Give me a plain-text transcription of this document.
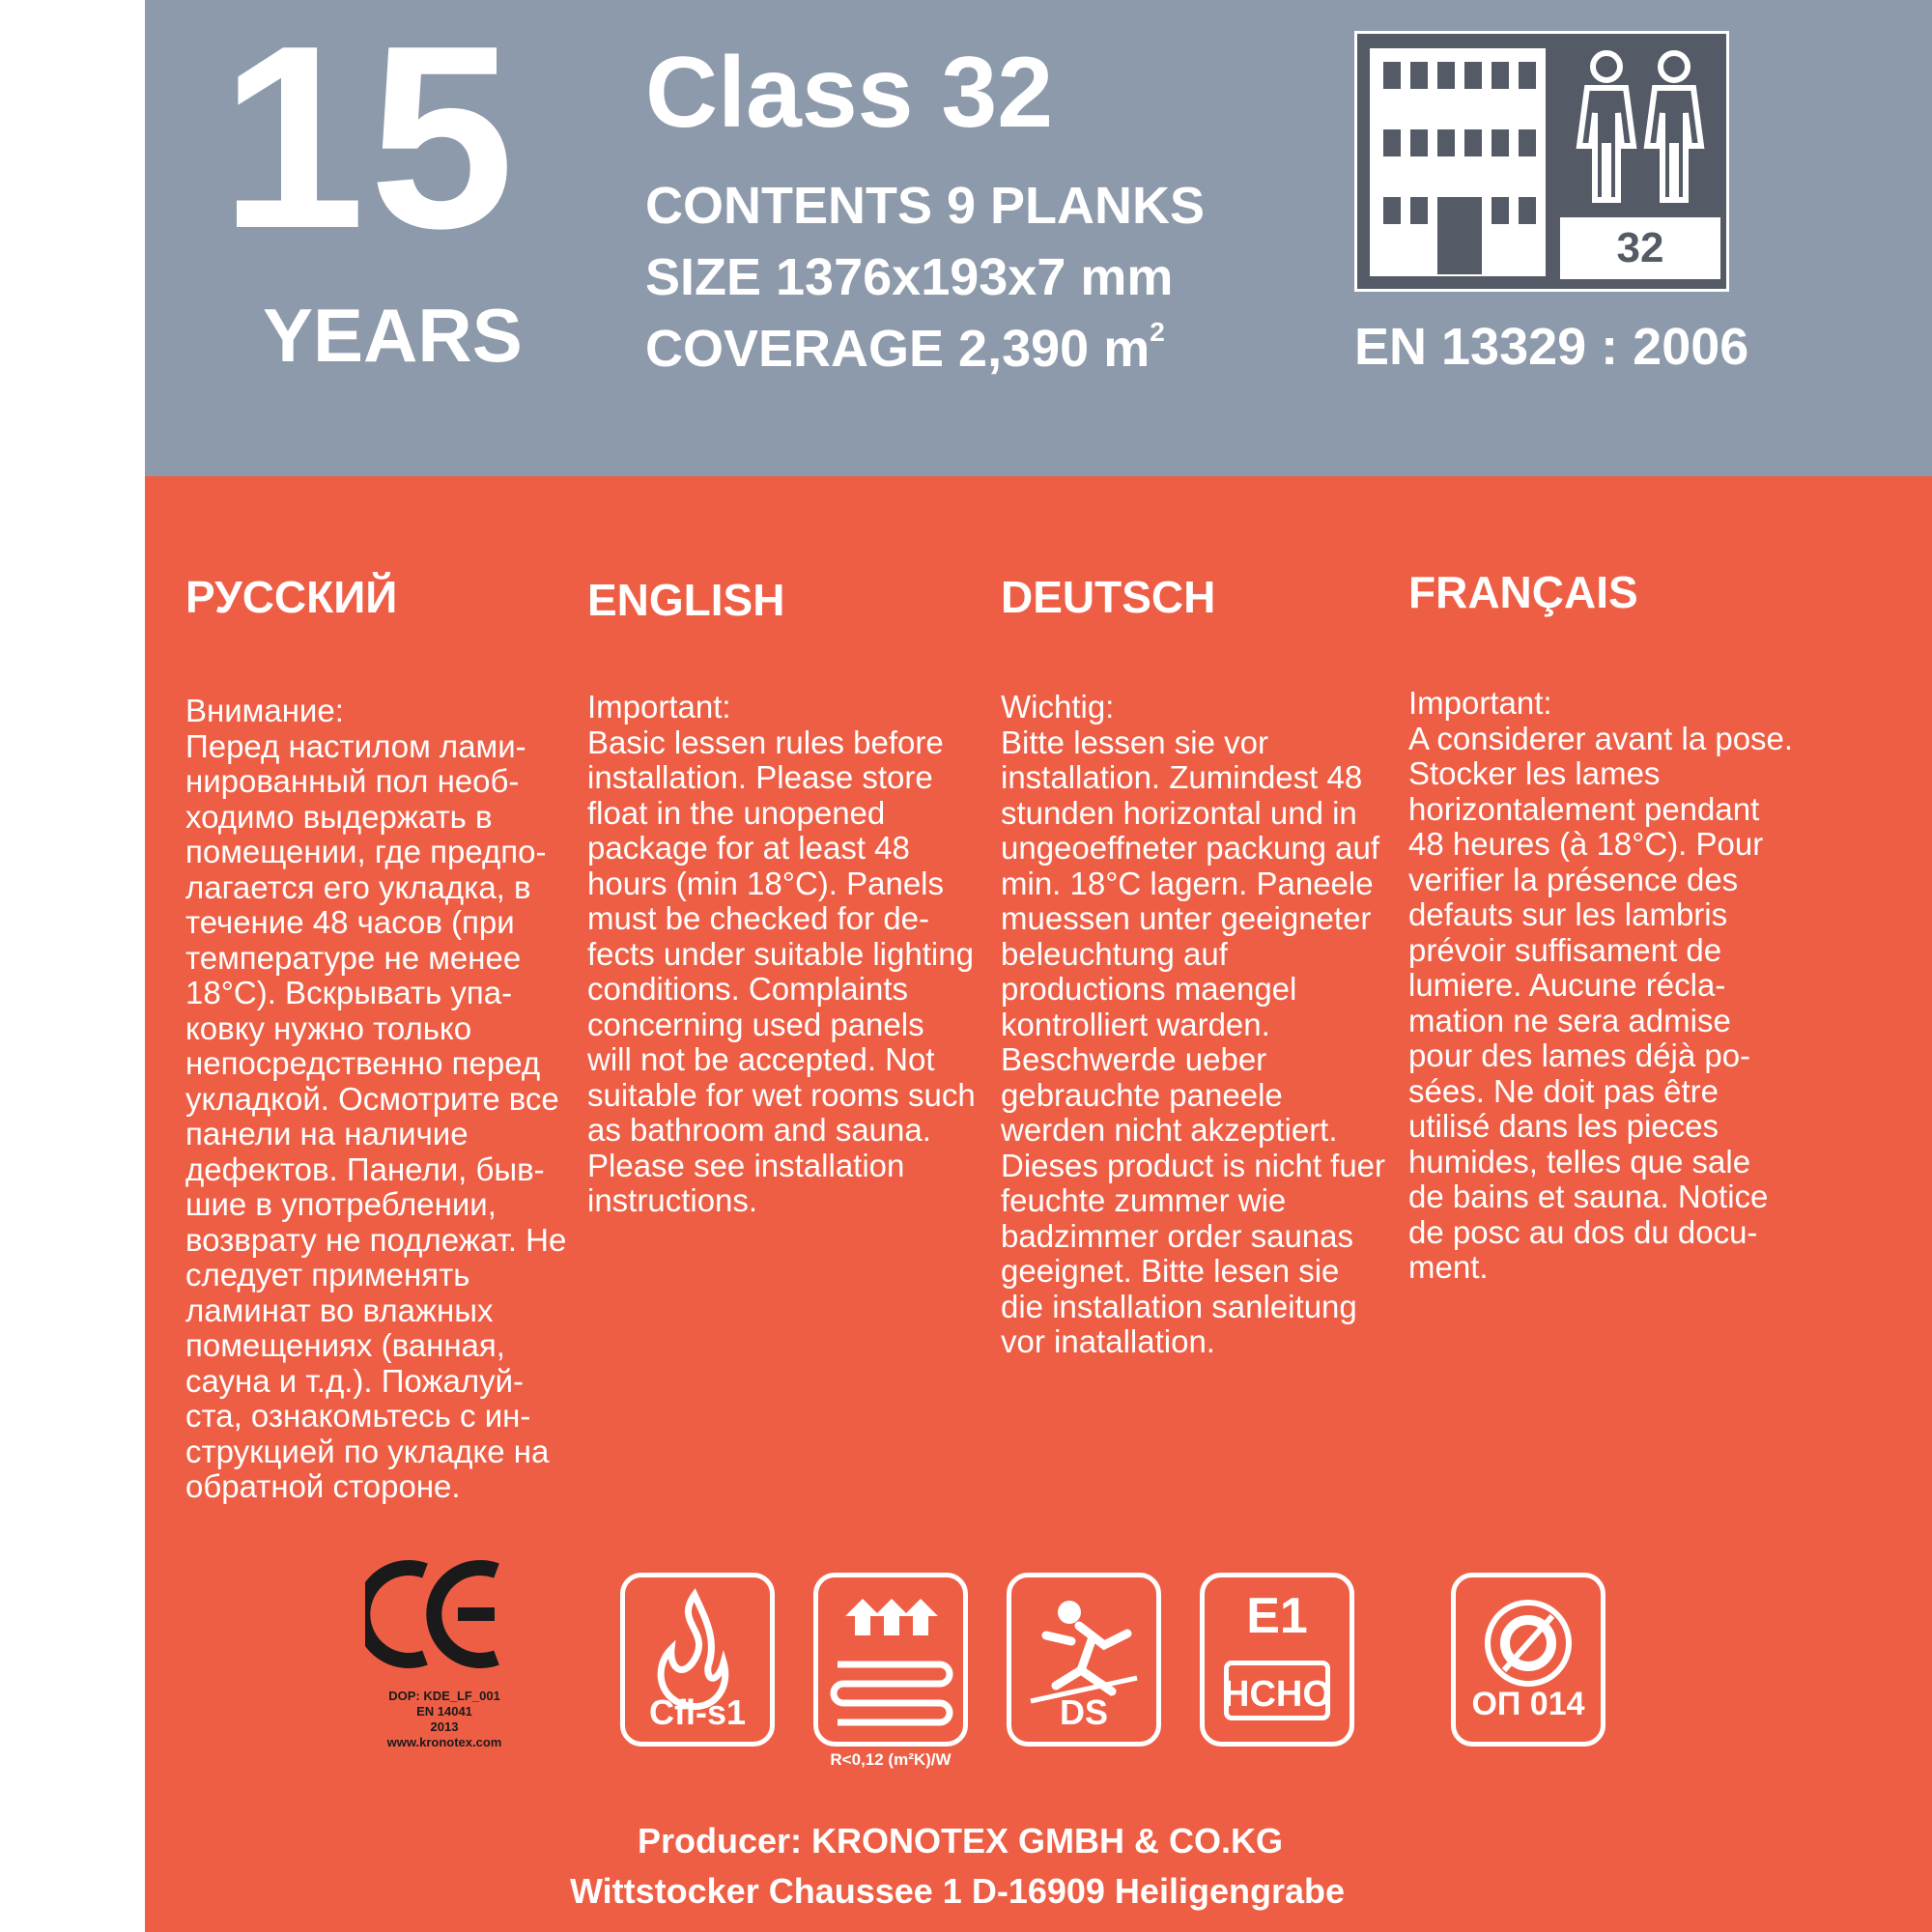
15
YEARS
Class 32
CONTENTS 9 PLANKS
SIZE 1376x193x7 mm
COVERAGE 2,390 $m^2$
32
EN 13329 : 2006
РУССКИЙ	ENGLISH	DEUTSCH	FRANÇAIS
Внимание:
Перед настилом лами-
нированный пол необ-
ходимо выдержать в
помещении, где предпо-
лагается его укладка, в
течение 48 часов (при
температуре не менее
18°C). Вскрывать упа-
ковку нужно только
непосредственно перед
укладкой. Осмотрите все
панели на наличие
дефектов. Панели, быв-
шие в употреблении,
возврату не подлежат. Не
следует применять
ламинат во влажных
помещениях (ванная,
сауна и т.д.). Пожалуй-
ста, ознакомьтесь с ин-
струкцией по укладке на
обратной стороне.
Important:
Basic lessen rules before
installation. Please store
float in the unopened
package for at least 48
hours (min 18°C). Panels
must be checked for de-
fects under suitable lighting
conditions. Complaints
concerning used panels
will not be accepted. Not
suitable for wet rooms such
as bathroom and sauna.
Please see installation
instructions.
Wichtig:
Bitte lessen sie vor
installation. Zumindest 48
stunden horizontal und in
ungeoeffneter packung auf
min. 18°C lagern. Paneele
muessen unter geeigneter
beleuchtung auf
productions maengel
kontrolliert warden.
Beschwerde ueber
gebrauchte paneele
werden nicht akzeptiert.
Dieses product is nicht fuer
feuchte zummer wie
badzimmer order saunas
geeignet. Bitte lesen sie
die installation sanleitung
vor inatallation.
Important:
A considerer avant la pose.
Stocker les lames
horizontalement pendant
48 heures (à 18°C). Pour
verifier la présence des
defauts sur les lambris
prévoir suffisament de
lumiere. Aucune récla-
mation ne sera admise
pour des lames déjà po-
sées. Ne doit pas être
utilisé dans les pieces
humides, telles que sale
de bains et sauna. Notice
de posc au dos du docu-
ment.
DOP: KDE_LF_001
EN 14041
2013
www.kronotex.com
Cfl-s1
R<0,12 (m²K)/W
DS
E1
HCHO	ОП 014
Producer: KRONOTEX GMBH & CO.KG
Wittstocker Chaussee 1 D-16909 Heiligengrabe
